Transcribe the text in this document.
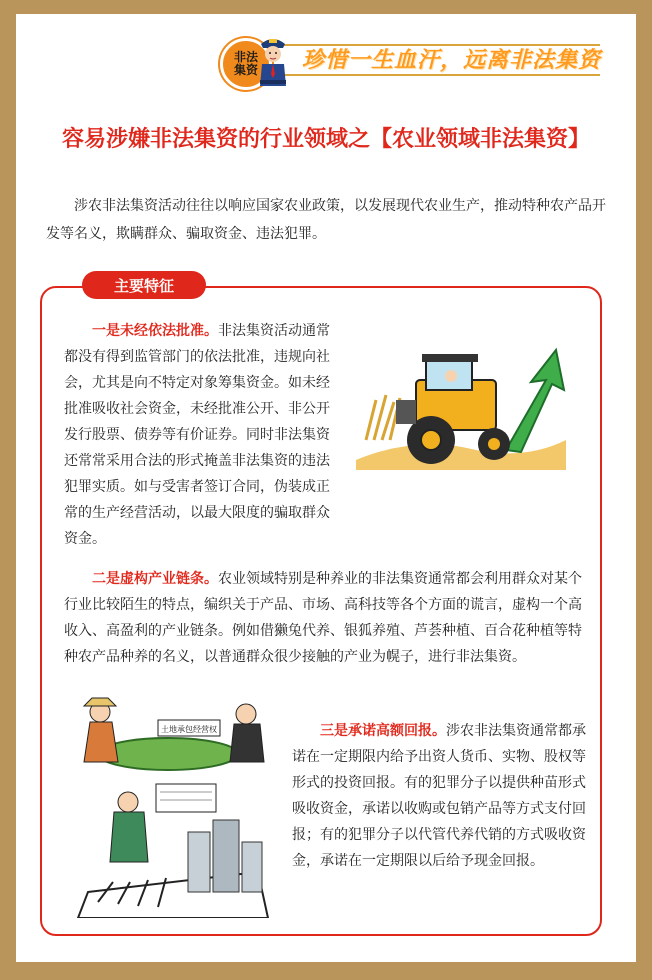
非法
集资 珍惜一生血汗，远离非法集资
容易涉嫌非法集资的行业领域之【农业领域非法集资】
涉农非法集资活动往往以响应国家农业政策，以发展现代农业生产，推动特种农产品开发等名义，欺瞒群众、骗取资金、违法犯罪。
主要特征
一是未经依法批准。非法集资活动通常都没有得到监管部门的依法批准，违规向社会，尤其是向不特定对象筹集资金。如未经批准吸收社会资金，未经批准公开、非公开发行股票、债券等有价证券。同时非法集资还常常采用合法的形式掩盖非法集资的违法犯罪实质。如与受害者签订合同，伪装成正常的生产经营活动，以最大限度的骗取群众资金。
二是虚构产业链条。农业领域特别是种养业的非法集资通常都会利用群众对某个行业比较陌生的特点，编织关于产品、市场、高科技等各个方面的谎言，虚构一个高收入、高盈利的产业链条。例如借獭兔代养、银狐养殖、芦荟种植、百合花种植等特种农产品种养的名义，以普通群众很少接触的产业为幌子，进行非法集资。
三是承诺高额回报。涉农非法集资通常都承诺在一定期限内给予出资人货币、实物、股权等形式的投资回报。有的犯罪分子以提供种苗形式吸收资金，承诺以收购或包销产品等方式支付回报；有的犯罪分子以代管代养代销的方式吸收资金，承诺在一定期限以后给予现金回报。
土地承包经营权
